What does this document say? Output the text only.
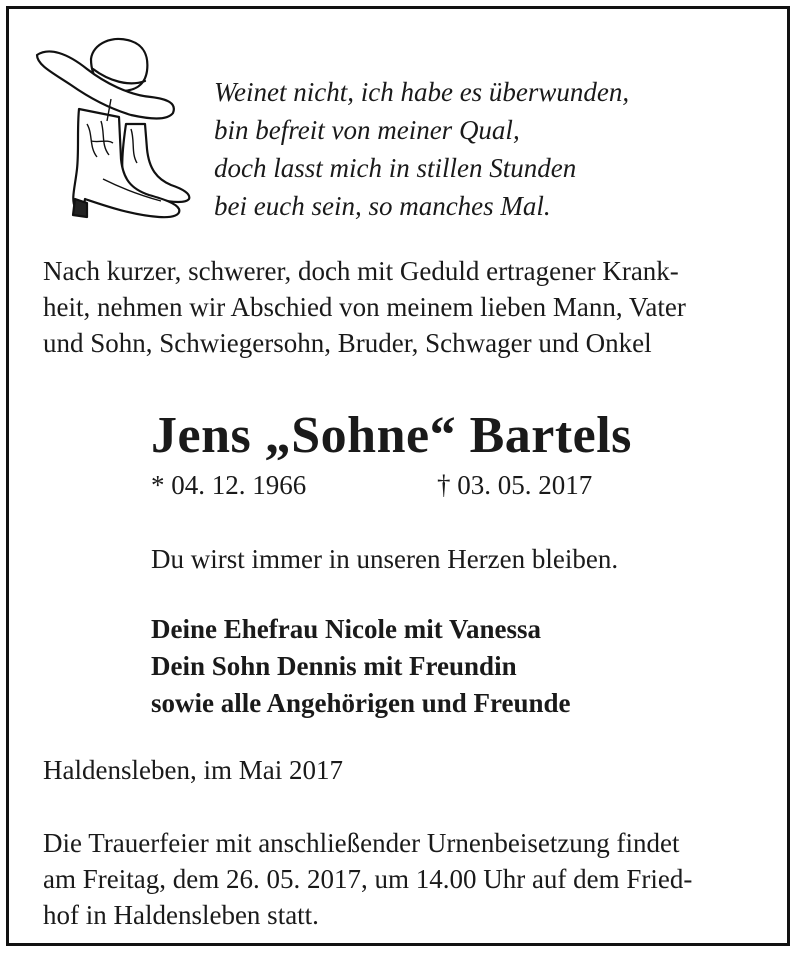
Weinet nicht, ich habe es überwunden,
bin befreit von meiner Qual,
doch lasst mich in stillen Stunden
bei euch sein, so manches Mal.
Nach kurzer, schwerer, doch mit Geduld ertragener Krank-
heit, nehmen wir Abschied von meinem lieben Mann, Vater
und Sohn, Schwiegersohn, Bruder, Schwager und Onkel
Jens „Sohne“ Bartels
* 04. 12. 1966	† 03. 05. 2017
Du wirst immer in unseren Herzen bleiben.
Deine Ehefrau Nicole mit Vanessa
Dein Sohn Dennis mit Freundin
sowie alle Angehörigen und Freunde
Haldensleben, im Mai 2017
Die Trauerfeier mit anschließender Urnenbeisetzung findet
am Freitag, dem 26. 05. 2017, um 14.00 Uhr auf dem Fried-
hof in Haldensleben statt.
